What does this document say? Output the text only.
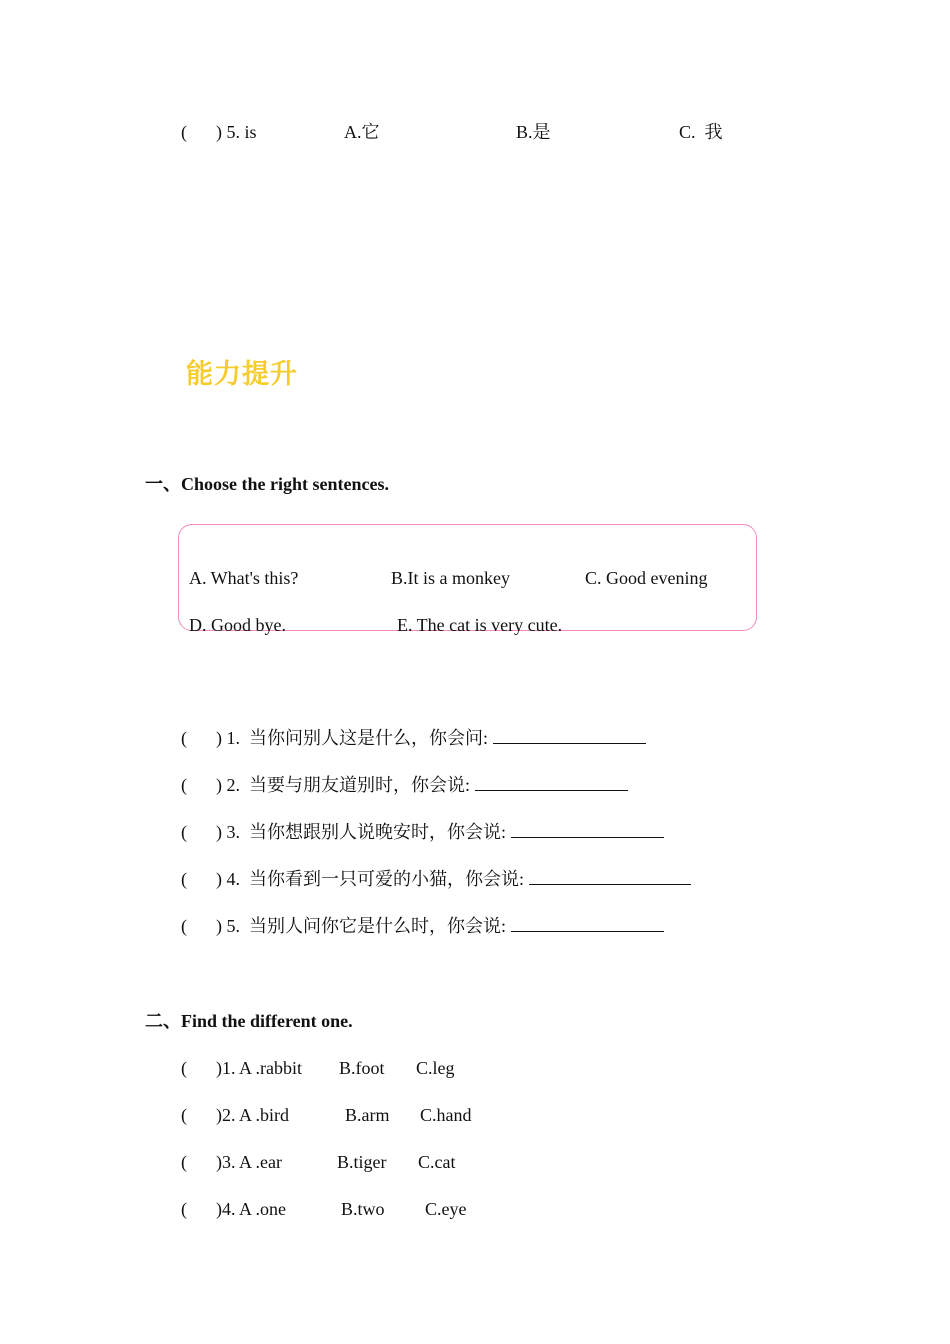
( ) 5. is	A.它	B.是	C.  我
能力提升
一、Choose the right sentences.
A. What's this?	B.It is a monkey	C. Good evening
D. Good bye.	E. The cat is very cute.
( ) 1.  当你问别人这是什么，你会问:
( ) 2.  当要与朋友道别时，你会说:
( ) 3.  当你想跟别人说晚安时，你会说:
( ) 4.  当你看到一只可爱的小猫，你会说:
( ) 5.  当别人问你它是什么时，你会说:
二、Find the different one.
( )1. A .rabbit B.foot C.leg
( )2. A .bird	B.arm C.hand
( )3. A .ear	B.tiger C.cat
( )4. A .one	B.two C.eye
